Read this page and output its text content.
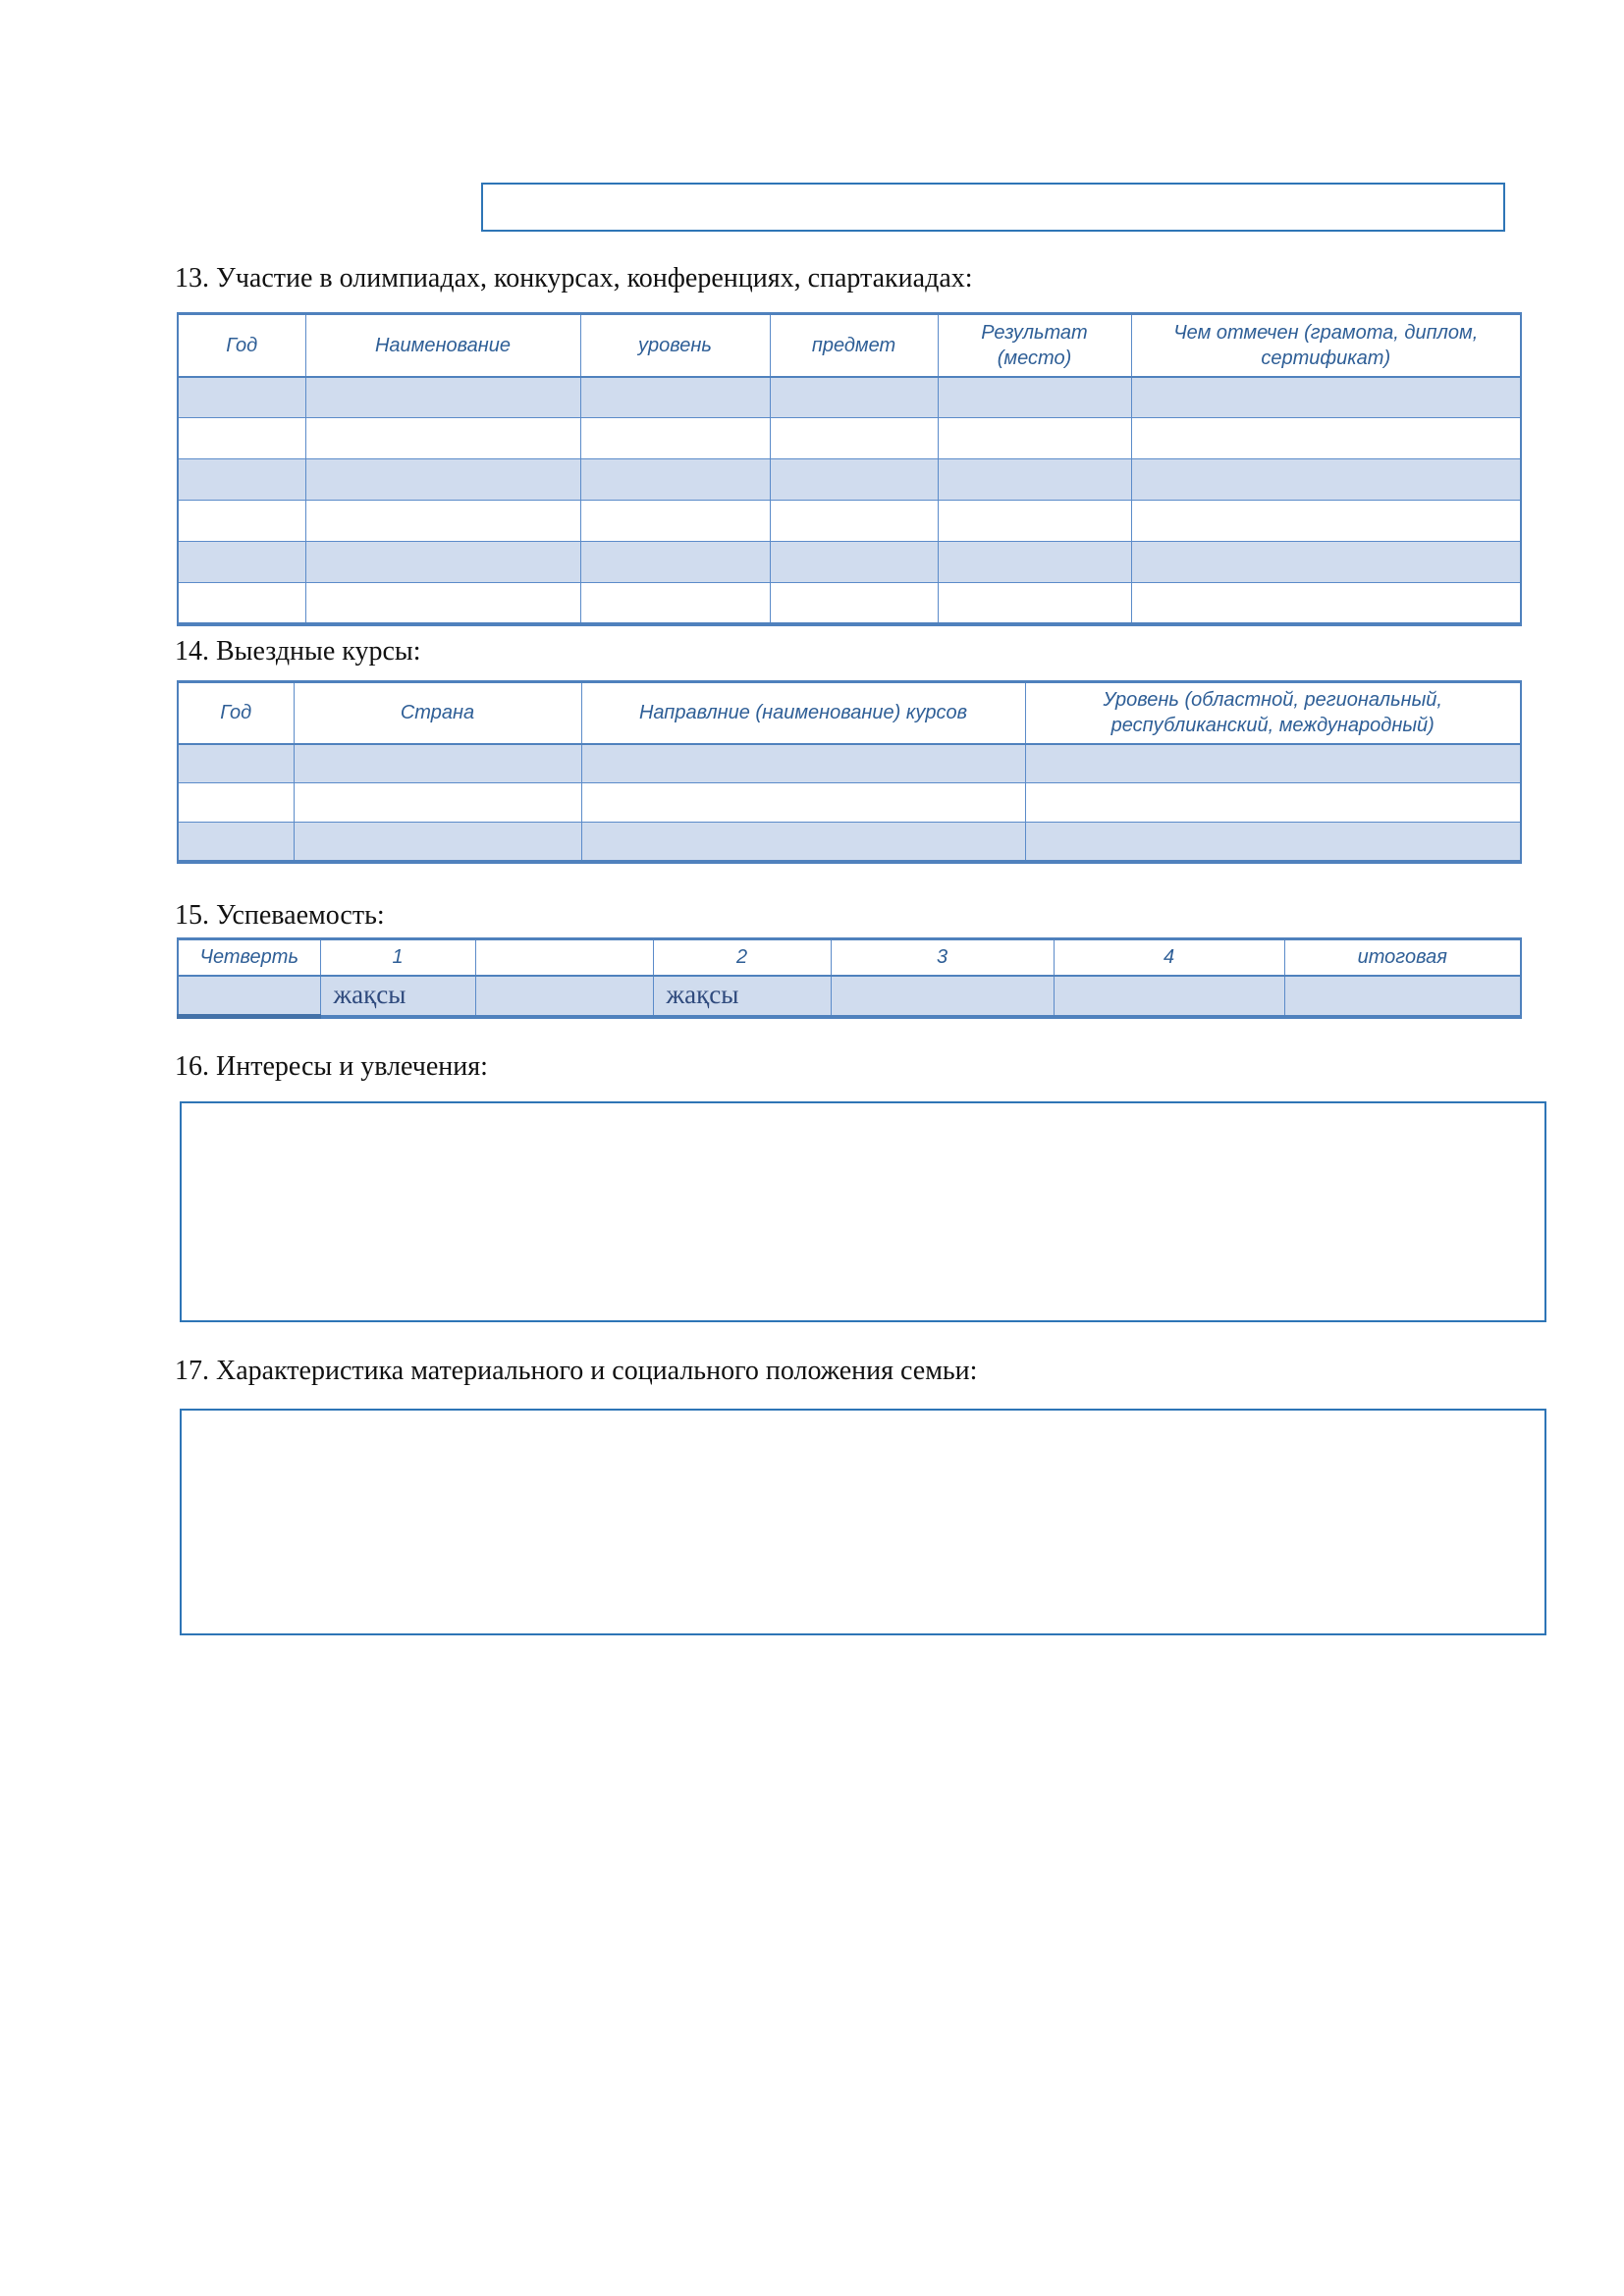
13. Участие в олимпиадах, конкурсах, конференциях, спартакиадах:
Год	Наименование	уровень	предмет	Результат (место)	Чем отмечен (грамота, диплом, сертификат)

14. Выездные курсы:
Год	Страна	Направлние (наименование) курсов	Уровень (областной, региональный, республиканский, международный)

15. Успеваемость:
Четверть	1		2	3	4	итоговая
	жақсы		жақсы			
16. Интересы и увлечения:
17. Характеристика материального и социального положения семьи:
